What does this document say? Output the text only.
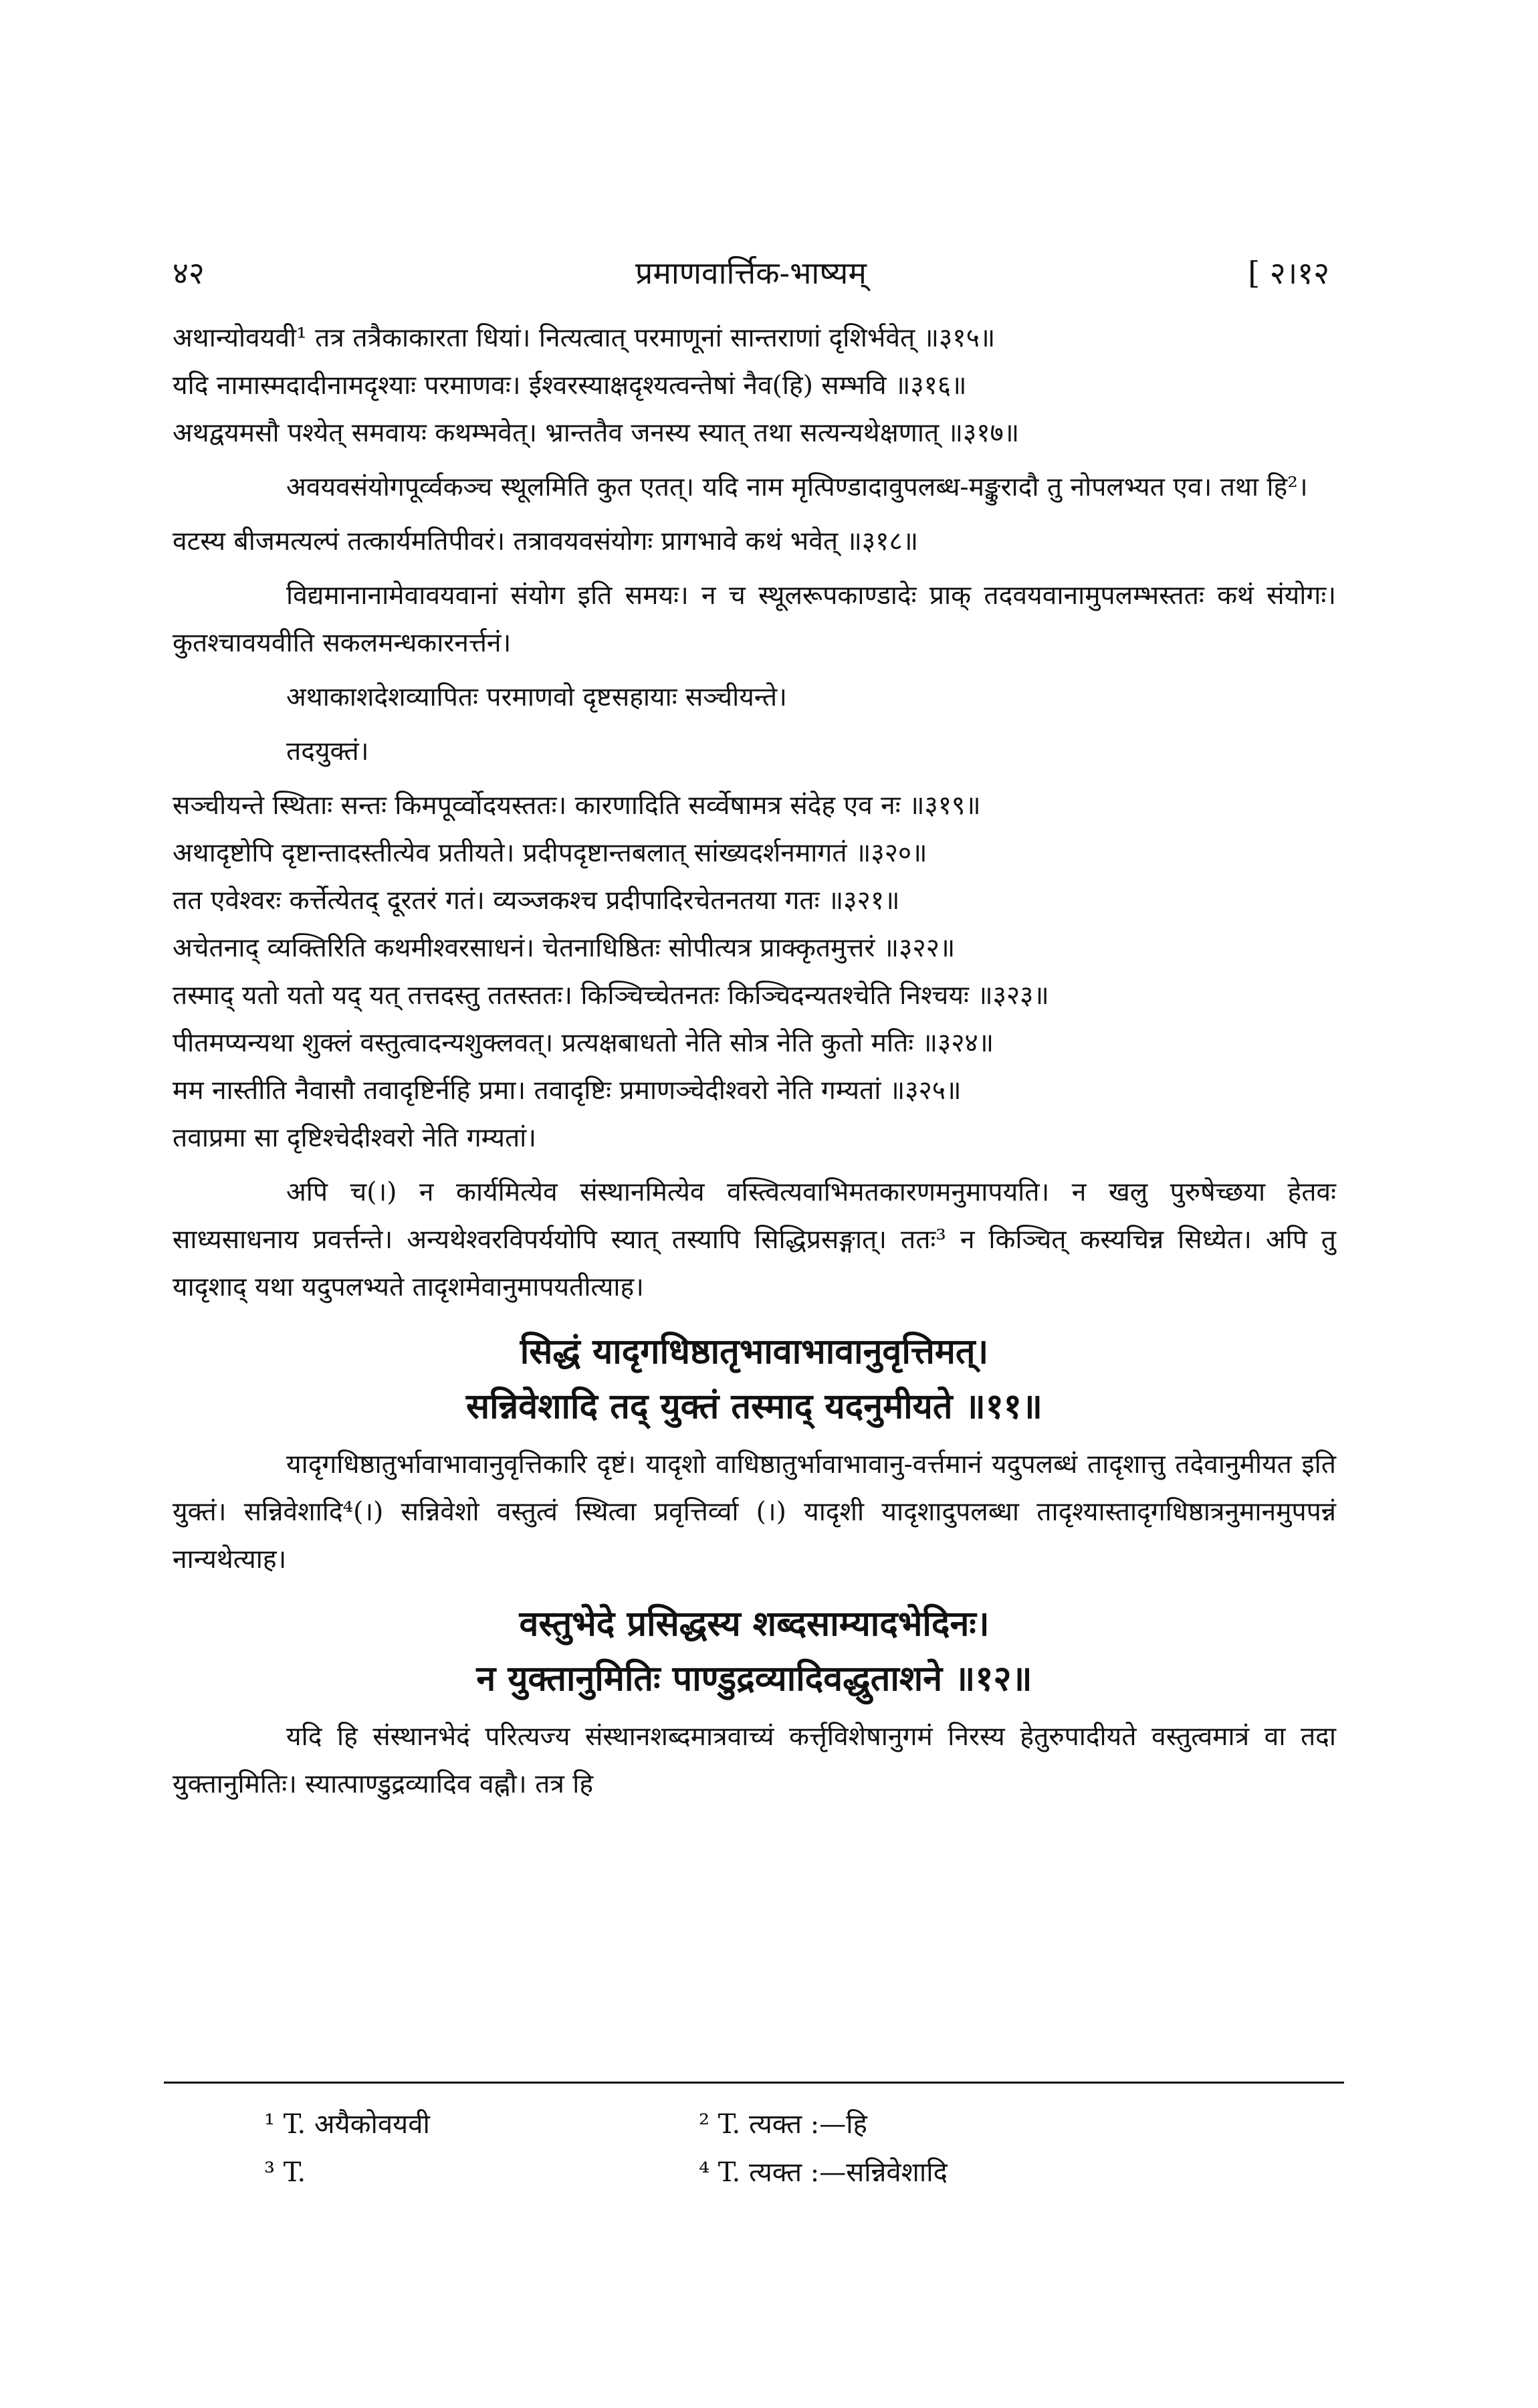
४२	प्रमाणवार्त्तिक-भाष्यम्	[ २।१२

अथान्योवयवी¹ तत्र तत्रैकाकारता धियां। नित्यत्वात् परमाणूनां सान्तराणां दृशिर्भवेत् ॥३१५॥

यदि नामास्मदादीनामदृश्याः परमाणवः। ईश्वरस्याक्षदृश्यत्वन्तेषां नैव(हि) सम्भवि ॥३१६॥

अथद्वयमसौ पश्येत् समवायः कथम्भवेत्। भ्रान्ततैव जनस्य स्यात् तथा सत्यन्यथेक्षणात् ॥३१७॥

अवयवसंयोगपूर्व्वकञ्च स्थूलमिति कुत एतत्। यदि नाम मृत्पिण्डादावुपलब्ध-मङ्कुरादौ तु नोपलभ्यत एव। तथा हि²।

वटस्य बीजमत्यल्पं तत्कार्यमतिपीवरं। तत्रावयवसंयोगः प्रागभावे कथं भवेत् ॥३१८॥

विद्यमानानामेवावयवानां संयोग इति समयः। न च स्थूलरूपकाण्डादेः प्राक् तदवयवानामुपलम्भस्ततः कथं संयोगः। कुतश्चावयवीति सकलमन्धकारनर्त्तनं।

अथाकाशदेशव्यापितः परमाणवो दृष्टसहायाः सञ्चीयन्ते।

तदयुक्तं।

सञ्चीयन्ते स्थिताः सन्तः किमपूर्व्वोदयस्ततः। कारणादिति सर्व्वेषामत्र संदेह एव नः ॥३१९॥

अथादृष्टोपि दृष्टान्तादस्तीत्येव प्रतीयते। प्रदीपदृष्टान्तबलात् सांख्यदर्शनमागतं ॥३२०॥

तत एवेश्वरः कर्त्तेत्येतद् दूरतरं गतं। व्यञ्जकश्च प्रदीपादिरचेतनतया गतः ॥३२१॥

अचेतनाद् व्यक्तिरिति कथमीश्वरसाधनं। चेतनाधिष्ठितः सोपीत्यत्र प्राक्कृतमुत्तरं ॥३२२॥

तस्माद् यतो यतो यद् यत् तत्तदस्तु ततस्ततः। किञ्चिच्चेतनतः किञ्चिदन्यतश्चेति निश्चयः ॥३२३॥

पीतमप्यन्यथा शुक्लं वस्तुत्वादन्यशुक्लवत्। प्रत्यक्षबाधतो नेति सोत्र नेति कुतो मतिः ॥३२४॥

मम नास्तीति नैवासौ तवादृष्टिर्नहि प्रमा। तवादृष्टिः प्रमाणञ्चेदीश्वरो नेति गम्यतां ॥३२५॥

तवाप्रमा सा दृष्टिश्चेदीश्वरो नेति गम्यतां।

अपि च(।) न कार्यमित्येव संस्थानमित्येव वस्त्वित्यवाभिमतकारणमनुमापयति। न खलु पुरुषेच्छया हेतवः साध्यसाधनाय प्रवर्त्तन्ते। अन्यथेश्वरविपर्ययोपि स्यात् तस्यापि सिद्धिप्रसङ्गात्। ततः³ न किञ्चित् कस्यचिन्न सिध्येत। अपि तु यादृशाद् यथा यदुपलभ्यते तादृशमेवानुमापयतीत्याह।

सिद्धं यादृगधिष्ठातृभावाभावानुवृत्तिमत्।

सन्निवेशादि तद् युक्तं तस्माद् यदनुमीयते ॥११॥

यादृगधिष्ठातुर्भावाभावानुवृत्तिकारि दृष्टं। यादृशो वाधिष्ठातुर्भावाभावानु-वर्त्तमानं यदुपलब्धं तादृशात्तु तदेवानुमीयत इति युक्तं। सन्निवेशादि⁴(।) सन्निवेशो वस्तुत्वं स्थित्वा प्रवृत्तिर्व्वा (।) यादृशी यादृशादुपलब्धा तादृश्यास्तादृगधिष्ठात्रनुमानमुपपन्नं नान्यथेत्याह।

वस्तुभेदे प्रसिद्धस्य शब्दसाम्यादभेदिनः।

न युक्तानुमितिः पाण्डुद्रव्यादिवद्धुताशने ॥१२॥

यदि हि संस्थानभेदं परित्यज्य संस्थानशब्दमात्रवाच्यं कर्त्तृविशेषानुगमं निरस्य हेतुरुपादीयते वस्तुत्वमात्रं वा तदा युक्तानुमितिः। स्यात्पाण्डुद्रव्यादिव वह्नौ। तत्र हि

¹ T. अयैकोवयवी	² T. त्यक्त :—हि
³ T.	⁴ T. त्यक्त :—सन्निवेशादि
